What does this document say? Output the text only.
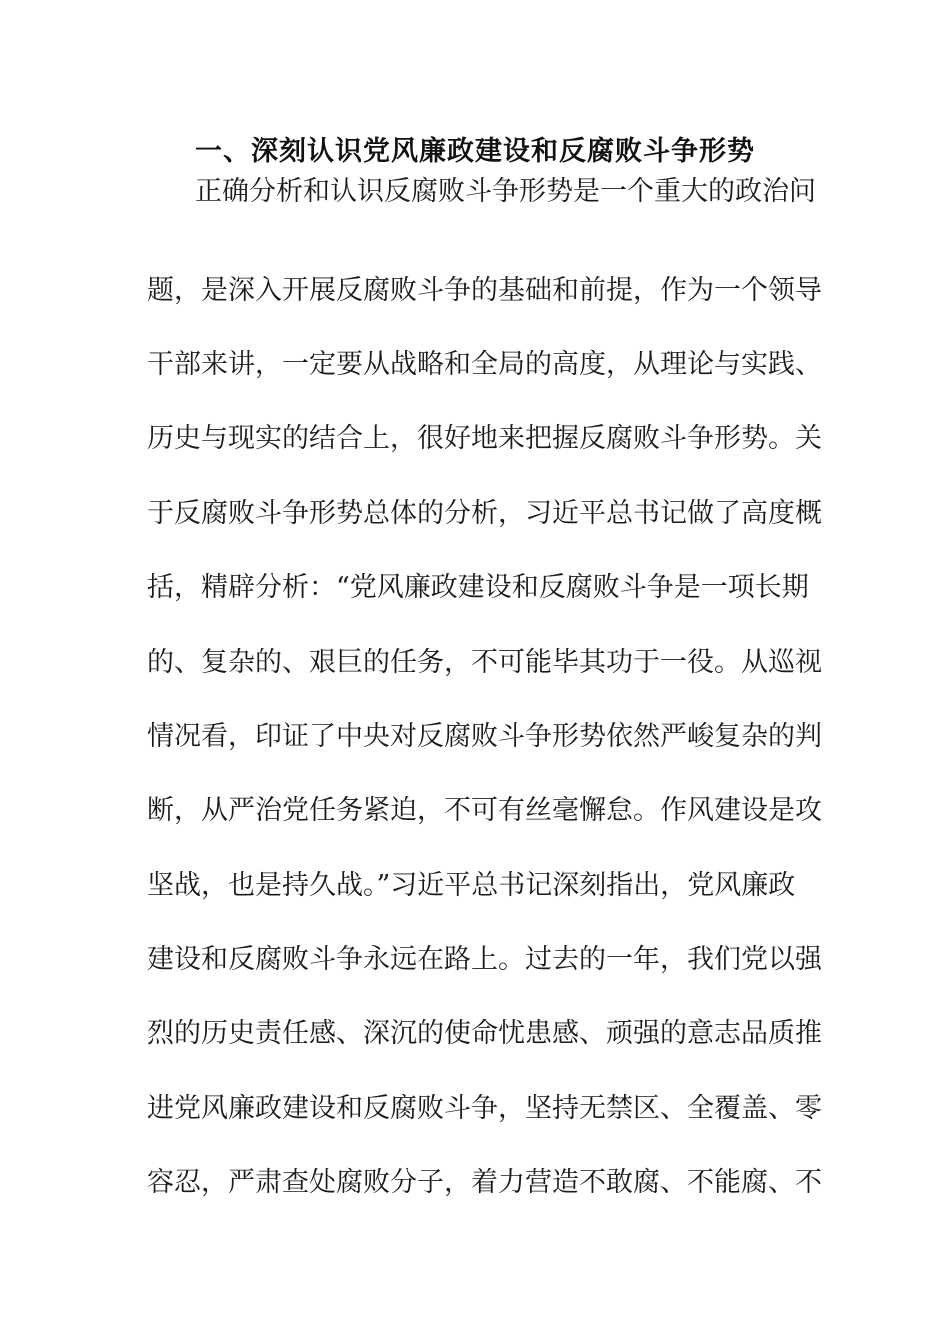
一、深刻认识党风廉政建设和反腐败斗争形势
正确分析和认识反腐败斗争形势是一个重大的政治问
题，是深入开展反腐败斗争的基础和前提，作为一个领导
干部来讲，一定要从战略和全局的高度，从理论与实践、
历史与现实的结合上，很好地来把握反腐败斗争形势。关
于反腐败斗争形势总体的分析，习近平总书记做了高度概
括，精辟分析：“党风廉政建设和反腐败斗争是一项长期
的、复杂的、艰巨的任务，不可能毕其功于一役。从巡视
情况看，印证了中央对反腐败斗争形势依然严峻复杂的判
断，从严治党任务紧迫，不可有丝毫懈怠。作风建设是攻
坚战，也是持久战。”习近平总书记深刻指出，党风廉政
建设和反腐败斗争永远在路上。过去的一年，我们党以强
烈的历史责任感、深沉的使命忧患感、顽强的意志品质推
进党风廉政建设和反腐败斗争，坚持无禁区、全覆盖、零
容忍，严肃查处腐败分子，着力营造不敢腐、不能腐、不
